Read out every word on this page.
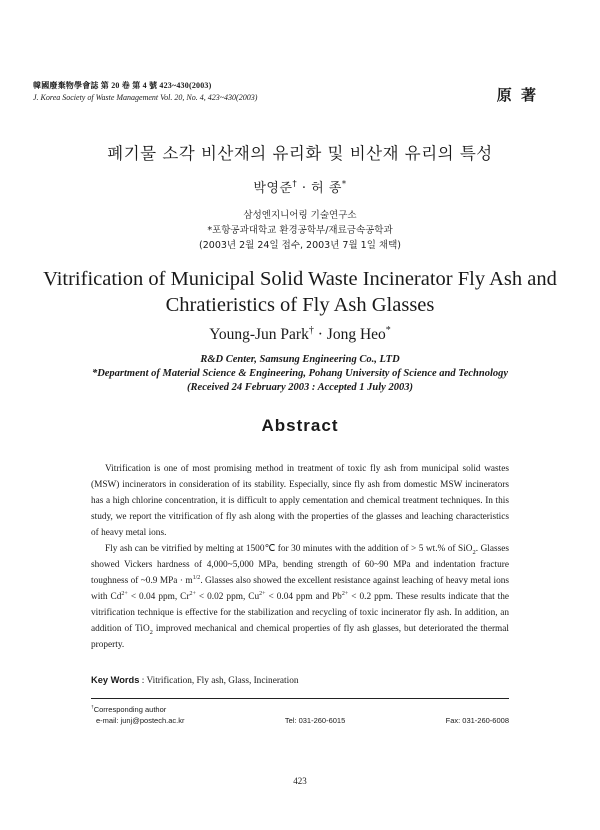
韓國廢棄物學會誌 第 20 卷 第 4 號 423~430(2003)
J. Korea Society of Waste Management Vol. 20, No. 4, 423~430(2003)	原 著
폐기물 소각 비산재의 유리화 및 비산재 유리의 특성
박영준† · 허 종*
삼성엔지니어링 기술연구소
*포항공과대학교 환경공학부/재료금속공학과
(2003년 2월 24일 접수, 2003년 7월 1일 채택)
Vitrification of Municipal Solid Waste Incinerator Fly Ash and
Chratieristics of Fly Ash Glasses
Young-Jun Park† · Jong Heo*
R&D Center, Samsung Engineering Co., LTD
*Department of Material Science & Engineering, Pohang University of Science and Technology
(Received 24 February 2003 : Accepted 1 July 2003)
Abstract

Vitrification is one of most promising method in treatment of toxic fly ash from municipal solid wastes (MSW) incinerators in consideration of its stability. Especially, since fly ash from domestic MSW incinerators has a high chlorine concentration, it is difficult to apply cementation and chemical treatment techniques. In this study, we report the vitrification of fly ash along with the properties of the glasses and leaching characteristics of heavy metal ions.

Fly ash can be vitrified by melting at 1500℃ for 30 minutes with the addition of > 5 wt.% of SiO$_2$. Glasses showed Vickers hardness of 4,000~5,000 MPa, bending strength of 60~90 MPa and indentation fracture toughness of ~0.9 MPa · $m^{1/2}$. Glasses also showed the excellent resistance against leaching of heavy metal ions with $Cd^{2+} < 0.04$ ppm, $Cr^{2+} < 0.02$ ppm, $Cu^{2+} < 0.04$ ppm and $Pb^{2+} < 0.2$ ppm. These results indicate that the vitrification technique is effective for the stabilization and recycling of toxic incinerator fly ash. In addition, an addition of TiO$_2$ improved mechanical and chemical properties of fly ash glasses, but deteriorated the thermal property.

Key Words : Vitrification, Fly ash, Glass, Incineration
†Corresponding author
e-mail: junj@postech.ac.kr	Tel: 031-260-6015	Fax: 031-260-6008
423
